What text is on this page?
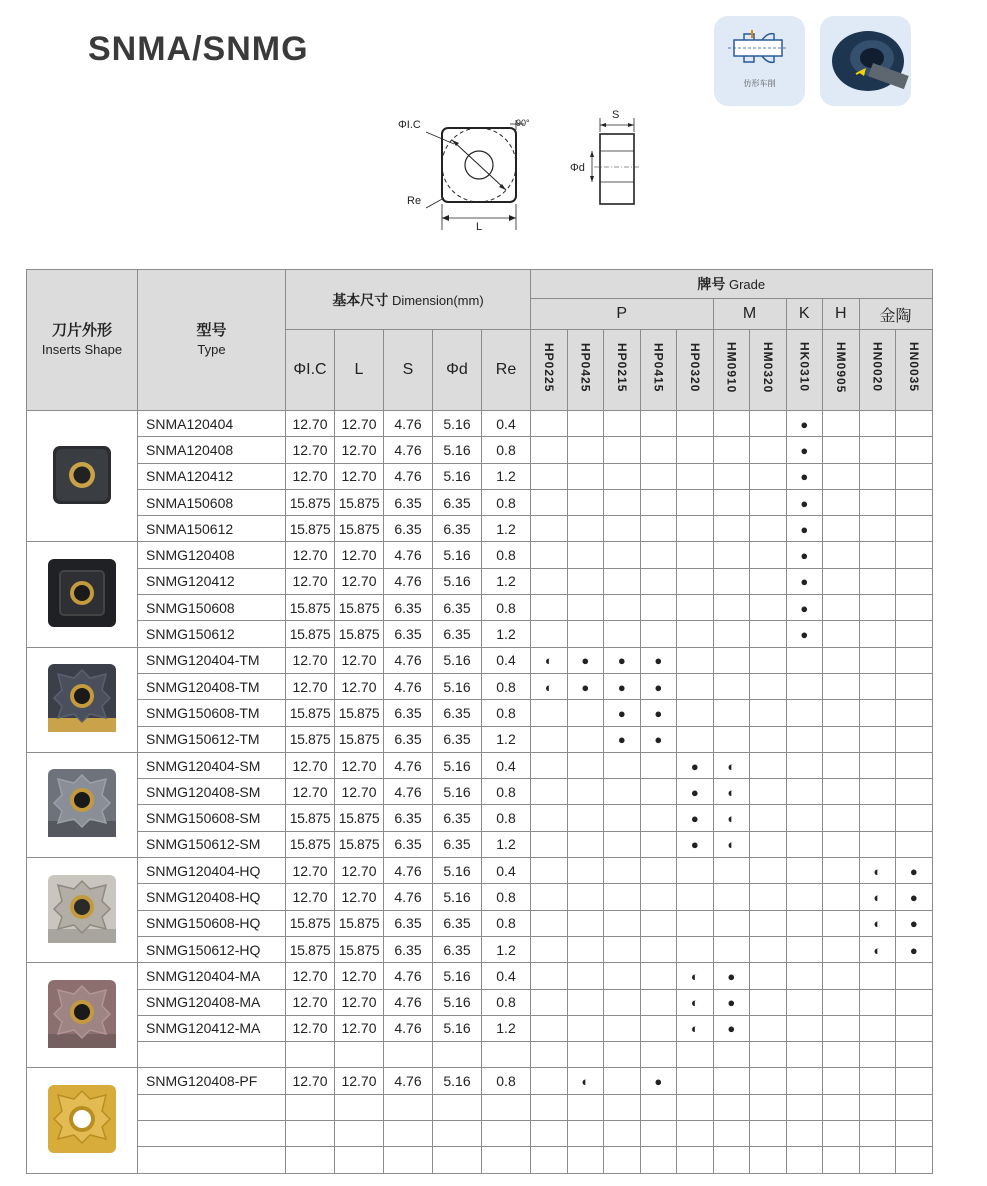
SNMA/SNMG
仿形车削
ΦI.C	90°
Re
L
S
Φd
刀片外形
Inserts Shape	型号
Type	基本尺寸 Dimension(mm)					牌号 Grade										
							P					M		K	H	金陶	
		ΦI.C	L	S	Φd	Re	HP0225	HP0425	HP0215	HP0415	HP0320	HM0910	HM0320	HK0310	HM0905	HN0020	HN0035
	SNMA120404	12.70	12.70	4.76	5.16	0.4								●			
	SNMA120408	12.70	12.70	4.76	5.16	0.8								●			
	SNMA120412	12.70	12.70	4.76	5.16	1.2								●			
	SNMA150608	15.875	15.875	6.35	6.35	0.8								●			
	SNMA150612	15.875	15.875	6.35	6.35	1.2								●			
	SNMG120408	12.70	12.70	4.76	5.16	0.8								●			
	SNMG120412	12.70	12.70	4.76	5.16	1.2								●			
	SNMG150608	15.875	15.875	6.35	6.35	0.8								●			
	SNMG150612	15.875	15.875	6.35	6.35	1.2								●			
	SNMG120404-TM	12.70	12.70	4.76	5.16	0.4	◐	●	●	●							
	SNMG120408-TM	12.70	12.70	4.76	5.16	0.8	◐	●	●	●							
	SNMG150608-TM	15.875	15.875	6.35	6.35	0.8			●	●							
	SNMG150612-TM	15.875	15.875	6.35	6.35	1.2			●	●							
	SNMG120404-SM	12.70	12.70	4.76	5.16	0.4					●	◐					
	SNMG120408-SM	12.70	12.70	4.76	5.16	0.8					●	◐					
	SNMG150608-SM	15.875	15.875	6.35	6.35	0.8					●	◐					
	SNMG150612-SM	15.875	15.875	6.35	6.35	1.2					●	◐					
	SNMG120404-HQ	12.70	12.70	4.76	5.16	0.4										◐	●
	SNMG120408-HQ	12.70	12.70	4.76	5.16	0.8										◐	●
	SNMG150608-HQ	15.875	15.875	6.35	6.35	0.8										◐	●
	SNMG150612-HQ	15.875	15.875	6.35	6.35	1.2										◐	●
	SNMG120404-MA	12.70	12.70	4.76	5.16	0.4					◐	●					
	SNMG120408-MA	12.70	12.70	4.76	5.16	0.8					◐	●					
	SNMG120412-MA	12.70	12.70	4.76	5.16	1.2					◐	●					

	SNMG120408-PF	12.70	12.70	4.76	5.16	0.8		◐		●							
